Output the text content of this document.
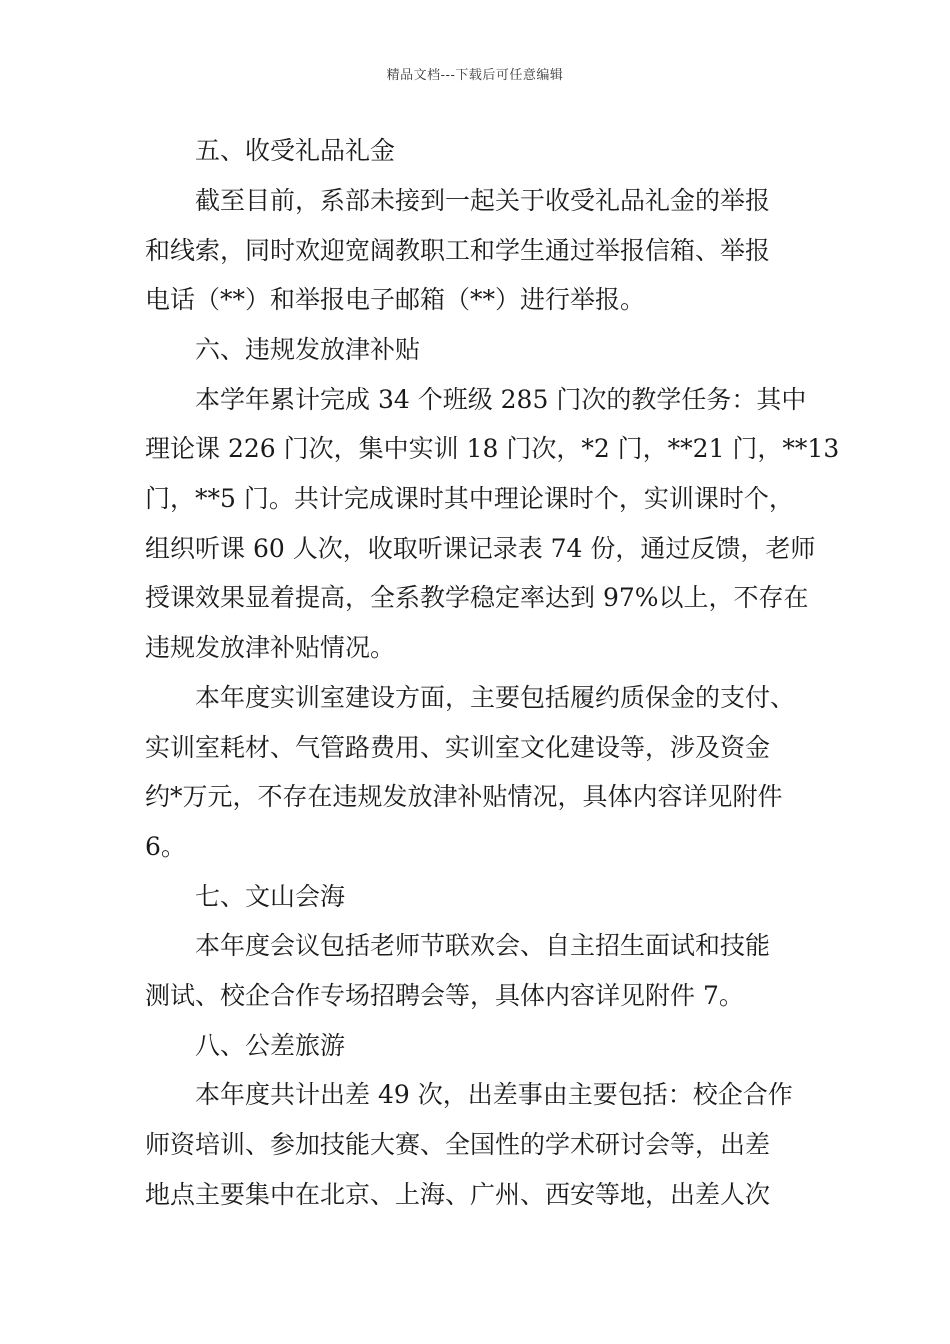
精品文档---下载后可任意编辑
五、收受礼品礼金
截至目前，系部未接到一起关于收受礼品礼金的举报
和线索，同时欢迎宽阔教职工和学生通过举报信箱、举报
电话（**）和举报电子邮箱（**）进行举报。
六、违规发放津补贴
本学年累计完成 34 个班级 285 门次的教学任务：其中
理论课 226 门次，集中实训 18 门次，*2 门，**21 门，**13
门，**5 门。共计完成课时其中理论课时个，实训课时个，
组织听课 60 人次，收取听课记录表 74 份，通过反馈，老师
授课效果显着提高，全系教学稳定率达到 97%以上，不存在
违规发放津补贴情况。
本年度实训室建设方面，主要包括履约质保金的支付、
实训室耗材、气管路费用、实训室文化建设等，涉及资金
约*万元，不存在违规发放津补贴情况，具体内容详见附件
6。
七、文山会海
本年度会议包括老师节联欢会、自主招生面试和技能
测试、校企合作专场招聘会等，具体内容详见附件 7。
八、公差旅游
本年度共计出差 49 次，出差事由主要包括：校企合作
师资培训、参加技能大赛、全国性的学术研讨会等，出差
地点主要集中在北京、上海、广州、西安等地，出差人次
